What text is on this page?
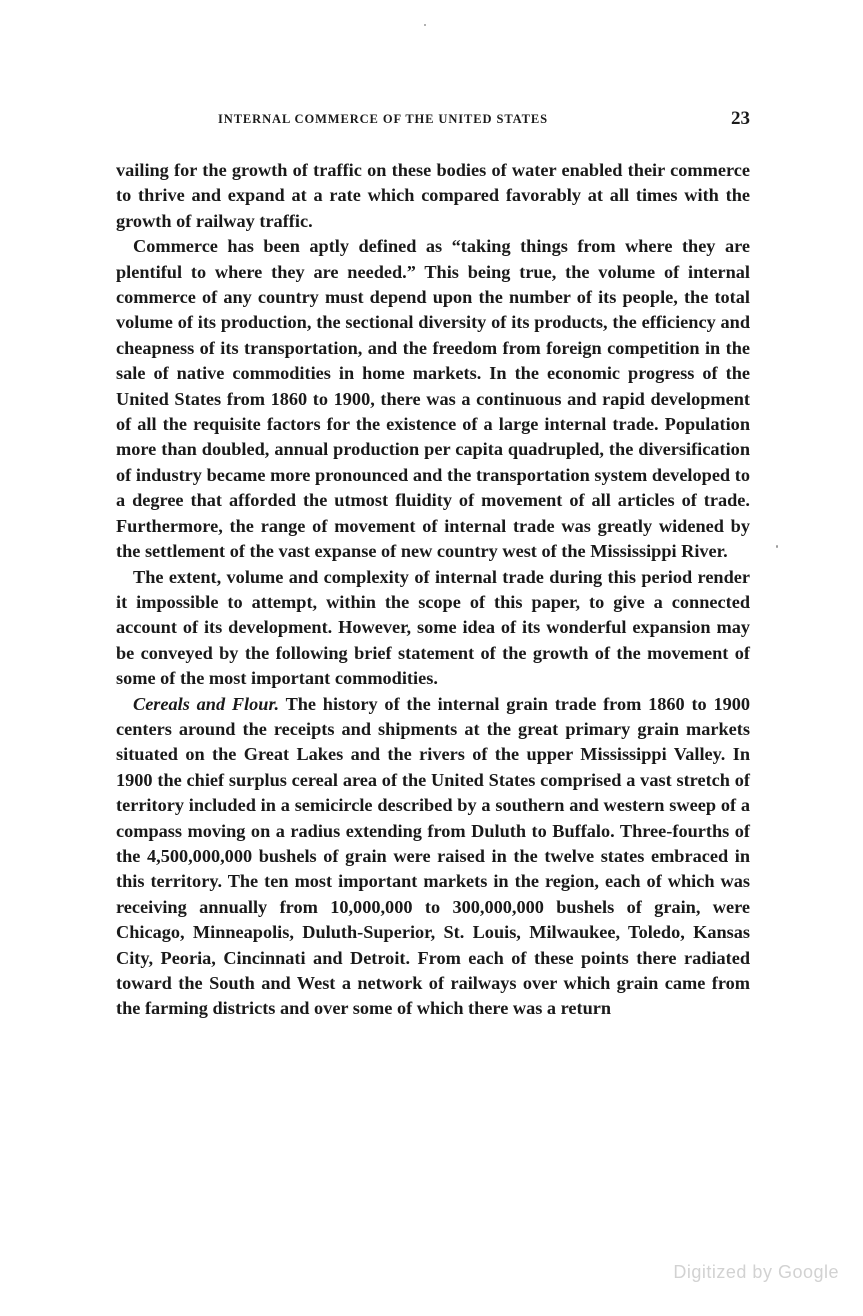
INTERNAL COMMERCE OF THE UNITED STATES	23

vailing for the growth of traffic on these bodies of water enabled their commerce to thrive and expand at a rate which compared favorably at all times with the growth of railway traffic.

Commerce has been aptly defined as “taking things from where they are plentiful to where they are needed.” This being true, the volume of internal commerce of any country must depend upon the number of its people, the total volume of its production, the sectional diversity of its products, the efficiency and cheapness of its transportation, and the freedom from foreign competition in the sale of native commodities in home markets. In the economic progress of the United States from 1860 to 1900, there was a continuous and rapid development of all the requisite factors for the existence of a large internal trade. Population more than doubled, annual production per capita quadrupled, the diversification of industry became more pronounced and the transportation system developed to a degree that afforded the utmost fluidity of movement of all articles of trade. Furthermore, the range of movement of internal trade was greatly widened by the settlement of the vast expanse of new country west of the Mississippi River.

The extent, volume and complexity of internal trade during this period render it impossible to attempt, within the scope of this paper, to give a connected account of its development. However, some idea of its wonderful expansion may be conveyed by the following brief statement of the growth of the movement of some of the most important commodities.

Cereals and Flour. The history of the internal grain trade from 1860 to 1900 centers around the receipts and shipments at the great primary grain markets situated on the Great Lakes and the rivers of the upper Mississippi Valley. In 1900 the chief surplus cereal area of the United States comprised a vast stretch of territory included in a semicircle described by a southern and western sweep of a compass moving on a radius extending from Duluth to Buffalo. Three-fourths of the 4,500,000,000 bushels of grain were raised in the twelve states embraced in this territory. The ten most important markets in the region, each of which was receiving annually from 10,000,000 to 300,000,000 bushels of grain, were Chicago, Minneapolis, Duluth-Superior, St. Louis, Milwaukee, Toledo, Kansas City, Peoria, Cincinnati and Detroit. From each of these points there radiated toward the South and West a network of railways over which grain came from the farming districts and over some of which there was a return

Digitized by Google
